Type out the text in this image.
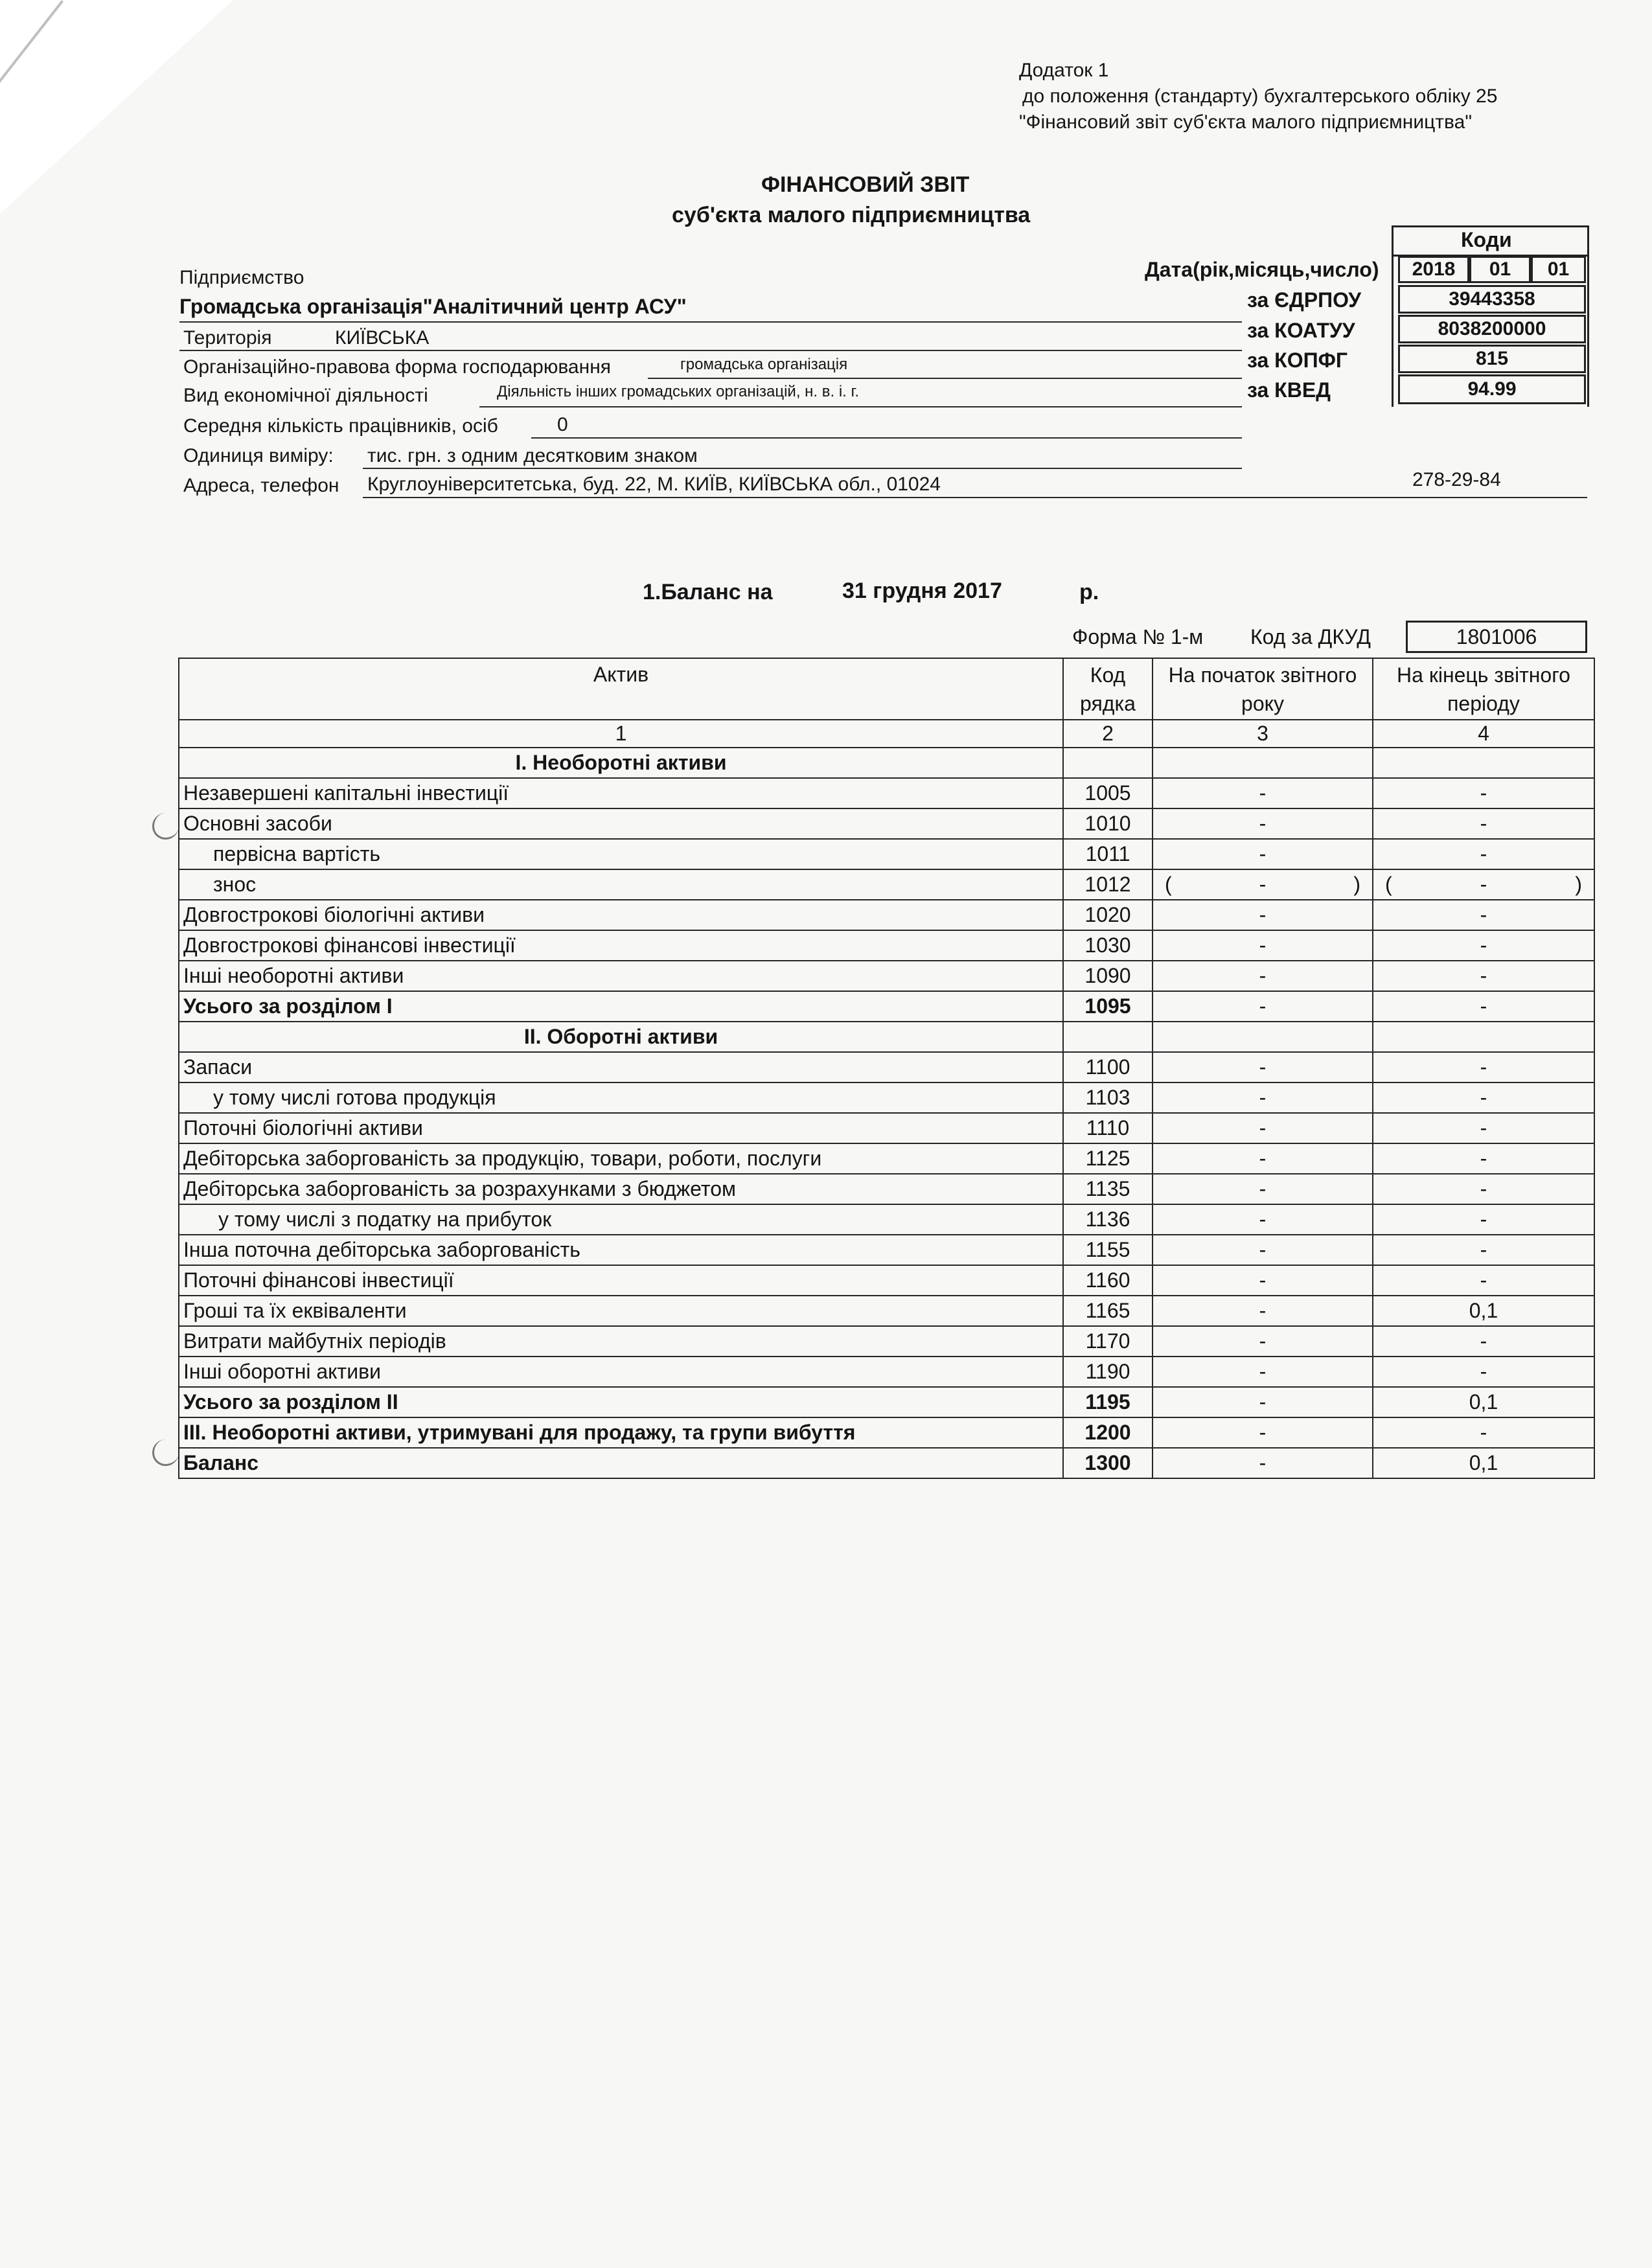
Додаток 1
до положення (стандарту) бухгалтерського обліку 25
"Фінансовий звіт суб'єкта малого підприємництва"
ФІНАНСОВИЙ ЗВІТ
суб'єкта малого підприємництва
Коди
Дата(рік,місяць,число)	2018	01	01
за ЄДРПОУ	39443358
за КОАТУУ	8038200000
за КОПФГ	815
за КВЕД	94.99
Підприємство
Громадська організація"Аналітичний центр АСУ"
Територія	КИЇВСЬКА
Організаційно-правова форма господарювання	громадська організація
Вид економічної діяльності	Діяльність інших громадських організацій, н. в. і. г.
Середня кількість працівників, осіб	0
Одиниця виміру: тис. грн. з одним десятковим знаком
Адреса, телефон Кругл​оуніверситетська, буд. 22, М. КИЇВ, КИЇВСЬКА обл., 01024	278-29-84
1.Баланс на	31 грудня 2017	р.
Форма № 1-м Код за ДКУД	1801006
Актив	Код рядка	На початок звітного року	На кінець звітного періоду
1	2	3	4
І. Необоротні активи			
Незавершені капітальні інвестиції	1005	-	-
Основні засоби	1010	-	-
первісна вартість	1011	-	-
знос	1012	( - )	( - )

Довгострокові біологічні активи	1020	-	-
Довгострокові фінансові інвестиції	1030	-	-
Інші необоротні активи	1090	-	-
Усього за розділом I	1095	-	-
II. Оборотні активи			
Запаси	1100	-	-
у тому числі готова продукція	1103	-	-
Поточні біологічні активи	1110	-	-
Дебіторська заборгованість за продукцію, товари, роботи, послуги	1125	-	-
Дебіторська заборгованість за розрахунками з бюджетом	1135	-	-
у тому числі з податку на прибуток	1136	-	-
Інша поточна дебіторська заборгованість	1155	-	-
Поточні фінансові інвестиції	1160	-	-
Гроші та їх еквіваленти	1165	-	0,1
Витрати майбутніх періодів	1170	-	-
Інші оборотні активи	1190	-	-
Усього за розділом II	1195	-	0,1
III. Необоротні активи, утримувані для продажу, та групи вибуття	1200	-	-
Баланс	1300	-	0,1
